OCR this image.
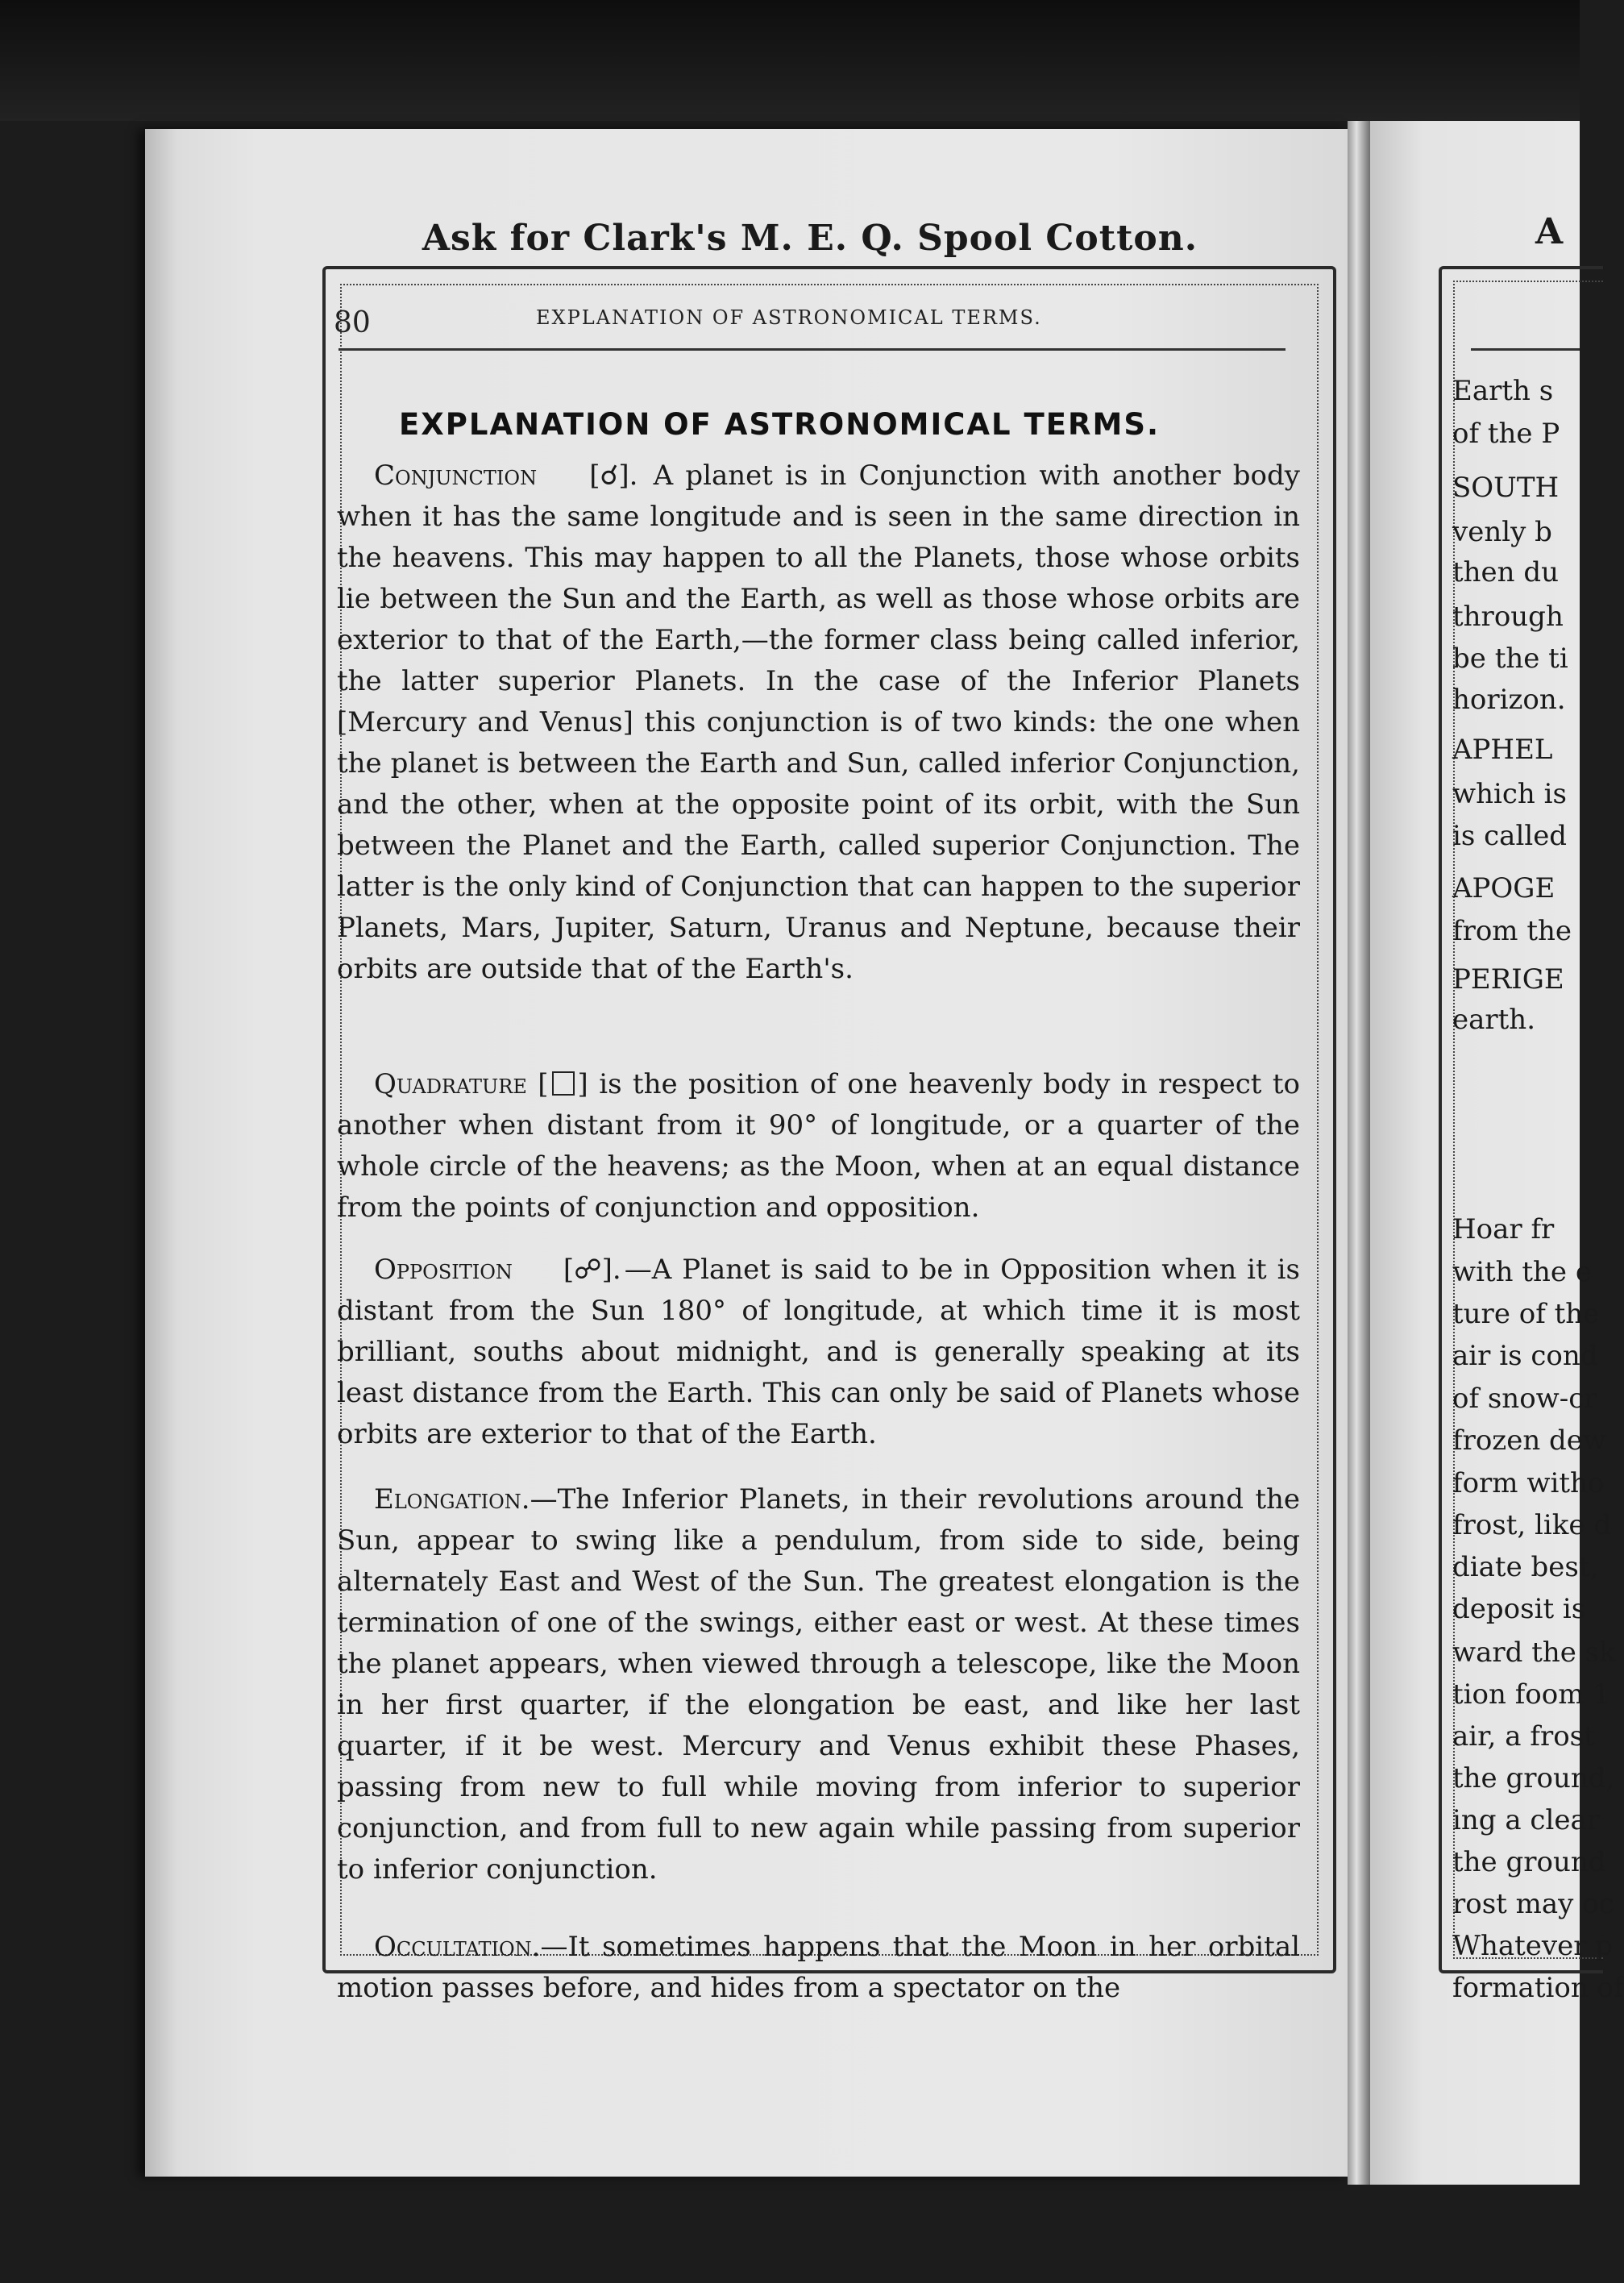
Ask for Clark's M. E. Q. Spool Cotton.
80	EXPLANATION OF ASTRONOMICAL TERMS.
EXPLANATION OF ASTRONOMICAL TERMS.

Conjunction [☌]. A planet is in Conjunction with another body when it has the same longitude and is seen in the same direction in the heavens. This may happen to all the Planets, those whose orbits lie between the Sun and the Earth, as well as those whose orbits are exterior to that of the Earth,—the former class being called inferior, the latter superior Planets. In the case of the Inferior Planets [Mercury and Venus] this conjunction is of two kinds: the one when the planet is between the Earth and Sun, called inferior Conjunction, and the other, when at the opposite point of its orbit, with the Sun between the Planet and the Earth, called superior Conjunction. The latter is the only kind of Conjunction that can happen to the superior Planets, Mars, Jupiter, Saturn, Uranus and Neptune, because their orbits are outside that of the Earth's.

Quadrature [ ] is the position of one heavenly body in respect to another when distant from it 90° of longitude, or a quarter of the whole circle of the heavens; as the Moon, when at an equal distance from the points of conjunction and opposition.

Opposition [☍]. —A Planet is said to be in Opposition when it is distant from the Sun 180° of longitude, at which time it is most brilliant, souths about midnight, and is generally speaking at its least distance from the Earth. This can only be said of Planets whose orbits are exterior to that of the Earth.

Elongation.—The Inferior Planets, in their revolutions around the Sun, appear to swing like a pendulum, from side to side, being alternately East and West of the Sun. The greatest elongation is the termination of one of the swings, either east or west. At these times the planet appears, when viewed through a telescope, like the Moon in her first quarter, if the elongation be east, and like her last quarter, if it be west. Mercury and Venus exhibit these Phases, passing from new to full while moving from inferior to superior conjunction, and from full to new again while passing from superior to inferior conjunction.

Occultation.—It sometimes happens that the Moon in her orbital motion passes before, and hides from a spectator on the

A
Earth s
of the P
SOUTH
venly b
then du
through
be the ti
horizon.
APHEL
which is
is called
APOGE
from the
PERIGE
earth.
Hoar fr
with the e
ture of the
air is cond
of snow-cr
frozen dew
form witho
frost, like d
diate best,
deposit is
ward the sk
tion foom 1
air, a frost
the ground,
ing a clear
the ground
rost may oc
Whatever p
formation of
